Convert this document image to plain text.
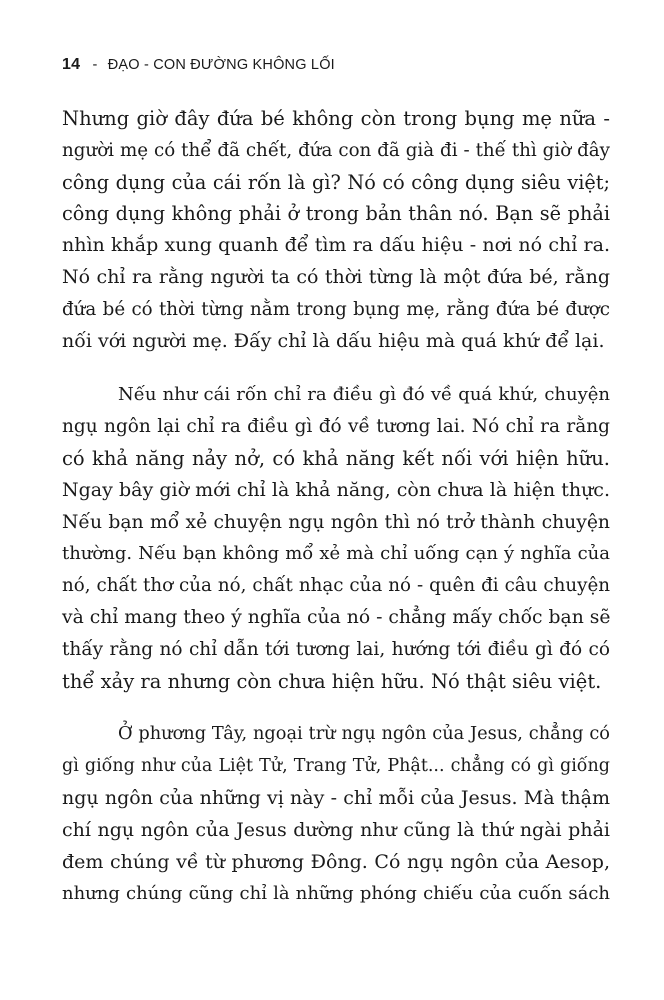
14 - ĐẠO - CON ĐƯỜNG KHÔNG LỐI
Nhưng giờ đây đứa bé không còn trong bụng mẹ nữa -
người mẹ có thể đã chết, đứa con đã già đi - thế thì giờ đây
công dụng của cái rốn là gì? Nó có công dụng siêu việt;
công dụng không phải ở trong bản thân nó. Bạn sẽ phải
nhìn khắp xung quanh để tìm ra dấu hiệu - nơi nó chỉ ra.
Nó chỉ ra rằng người ta có thời từng là một đứa bé, rằng
đứa bé có thời từng nằm trong bụng mẹ, rằng đứa bé được
nối với người mẹ. Đấy chỉ là dấu hiệu mà quá khứ để lại.
Nếu như cái rốn chỉ ra điều gì đó về quá khứ, chuyện
ngụ ngôn lại chỉ ra điều gì đó về tương lai. Nó chỉ ra rằng
có khả năng nảy nở, có khả năng kết nối với hiện hữu.
Ngay bây giờ mới chỉ là khả năng, còn chưa là hiện thực.
Nếu bạn mổ xẻ chuyện ngụ ngôn thì nó trở thành chuyện
thường. Nếu bạn không mổ xẻ mà chỉ uống cạn ý nghĩa của
nó, chất thơ của nó, chất nhạc của nó - quên đi câu chuyện
và chỉ mang theo ý nghĩa của nó - chẳng mấy chốc bạn sẽ
thấy rằng nó chỉ dẫn tới tương lai, hướng tới điều gì đó có
thể xảy ra nhưng còn chưa hiện hữu. Nó thật siêu việt.
Ở phương Tây, ngoại trừ ngụ ngôn của Jesus, chẳng có
gì giống như của Liệt Tử, Trang Tử, Phật... chẳng có gì giống
ngụ ngôn của những vị này - chỉ mỗi của Jesus. Mà thậm
chí ngụ ngôn của Jesus dường như cũng là thứ ngài phải
đem chúng về từ phương Đông. Có ngụ ngôn của Aesop,
nhưng chúng cũng chỉ là những phóng chiếu của cuốn sách
